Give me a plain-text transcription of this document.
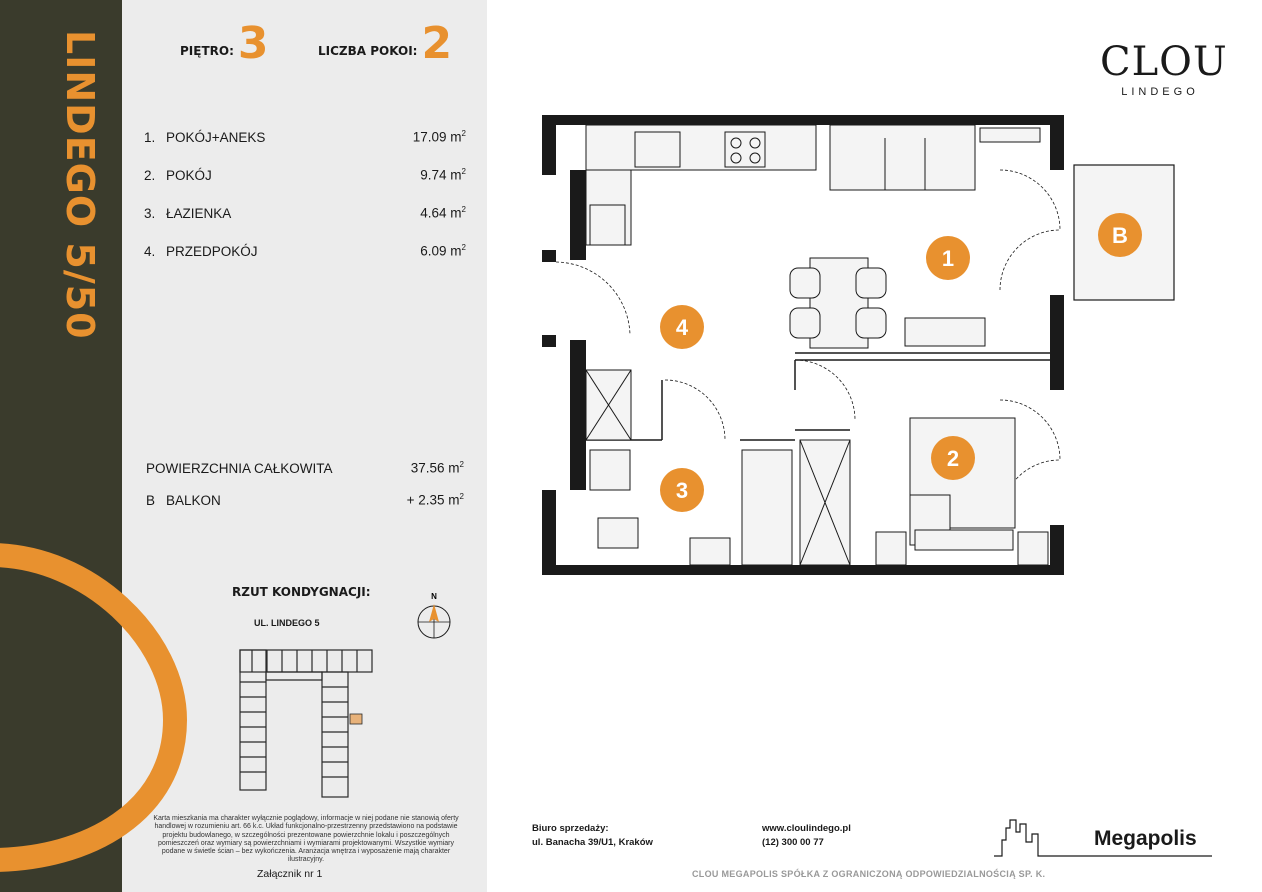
LINDEGO 5/50	PIĘTRO: 3	LICZBA POKOI: 2
1. POKÓJ+ANEKS	17.09 $m^2$
2. POKÓJ	9.74 $m^2$
3. ŁAZIENKA	4.64 $m^2$
4. PRZEDPOKÓJ	6.09 $m^2$
POWIERZCHNIA CAŁKOWITA	37.56 $m^2$
B BALKON	+ 2.35 $m^2$
RZUT KONDYGNACJI:
UL. LINDEGO 5
N
Karta mieszkania ma charakter wyłącznie poglądowy, informacje w niej podane nie stanowią oferty handlowej w rozumieniu art. 66 k.c. Układ funkcjonalno-przestrzenny przedstawiono na podstawie projektu budowlanego, w szczególności prezentowane powierzchnie lokalu i poszczególnych pomieszczeń oraz wymiary są powierzchniami i wymiarami projektowanymi. Wszystkie wymiary podane w świetle ścian – bez wykończenia. Aranżacja wnętrza i wyposażenie mają charakter ilustracyjny.
Załącznik nr 1
1
2
3
4
B
CLOU
LINDEGO
Biuro sprzedaży:
ul. Banacha 39/U1, Kraków
www.cloulindego.pl
(12) 300 00 77	Megapolis
CLOU MEGAPOLIS SPÓŁKA Z OGRANICZONĄ ODPOWIEDZIALNOŚCIĄ SP. K.
